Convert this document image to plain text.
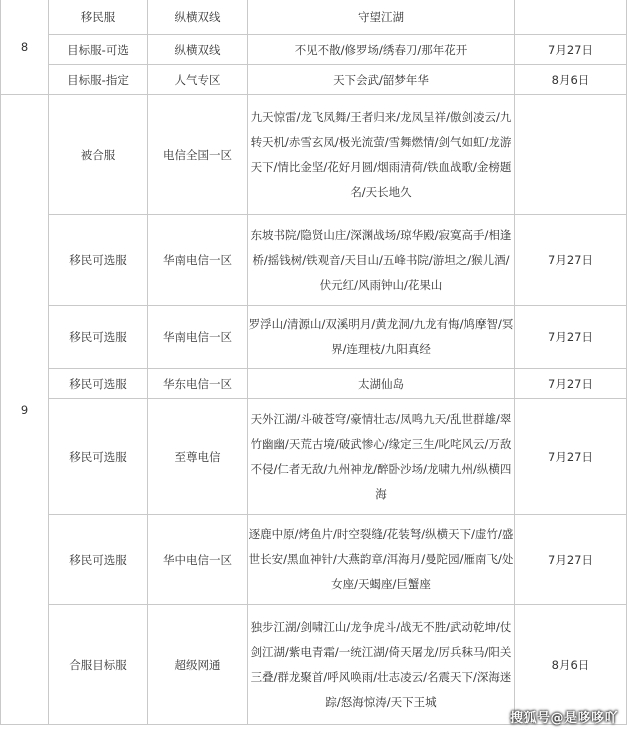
8	移民服	纵横双线	守望江湖	
	目标服-可选	纵横双线	不见不散/修罗场/绣春刀/那年花开	7月27日
	目标服-指定	人气专区	天下会武/韶梦年华	8月6日
9	被合服	电信全国一区	九天惊雷/龙飞凤舞/王者归来/龙凤呈祥/傲剑凌云/九转天机/赤雪玄凤/极光流萤/雪舞燃情/剑气如虹/龙游天下/情比金坚/花好月圆/烟雨清荷/铁血战歌/金榜题名/天长地久	
	移民可选服	华南电信一区	东坡书院/隐贤山庄/深渊战场/琼华殿/寂寞高手/相逢桥/摇钱树/铁观音/天目山/五峰书院/游坦之/猴儿酒/伏元红/风雨钟山/花果山	7月27日
	移民可选服	华南电信一区	罗浮山/清源山/双溪明月/黄龙洞/九龙有悔/鸠摩智/冥界/连理枝/九阳真经	7月27日
	移民可选服	华东电信一区	太湖仙岛	7月27日
	移民可选服	至尊电信	天外江湖/斗破苍穹/豪情壮志/凤鸣九天/乱世群雄/翠竹幽幽/天荒古境/破武惨心/缘定三生/叱咤风云/万敌不侵/仁者无敌/九州神龙/醉卧沙场/龙啸九州/纵横四海	7月27日
	移民可选服	华中电信一区	逐鹿中原/烤鱼片/时空裂缝/花装弩/纵横天下/虚竹/盛世长安/黑血神针/大燕韵章/洱海月/曼陀园/雁南飞/处女座/天蝎座/巨蟹座	7月27日
	合服目标服	超级网通	独步江湖/剑啸江山/龙争虎斗/战无不胜/武动乾坤/仗剑江湖/紫电青霜/一统江湖/倚天屠龙/厉兵秣马/阳关三叠/群龙聚首/呼风唤雨/壮志凌云/名震天下/深海迷踪/怒海惊涛/天下王城	8月6日
搜狐号@是哆哆吖
